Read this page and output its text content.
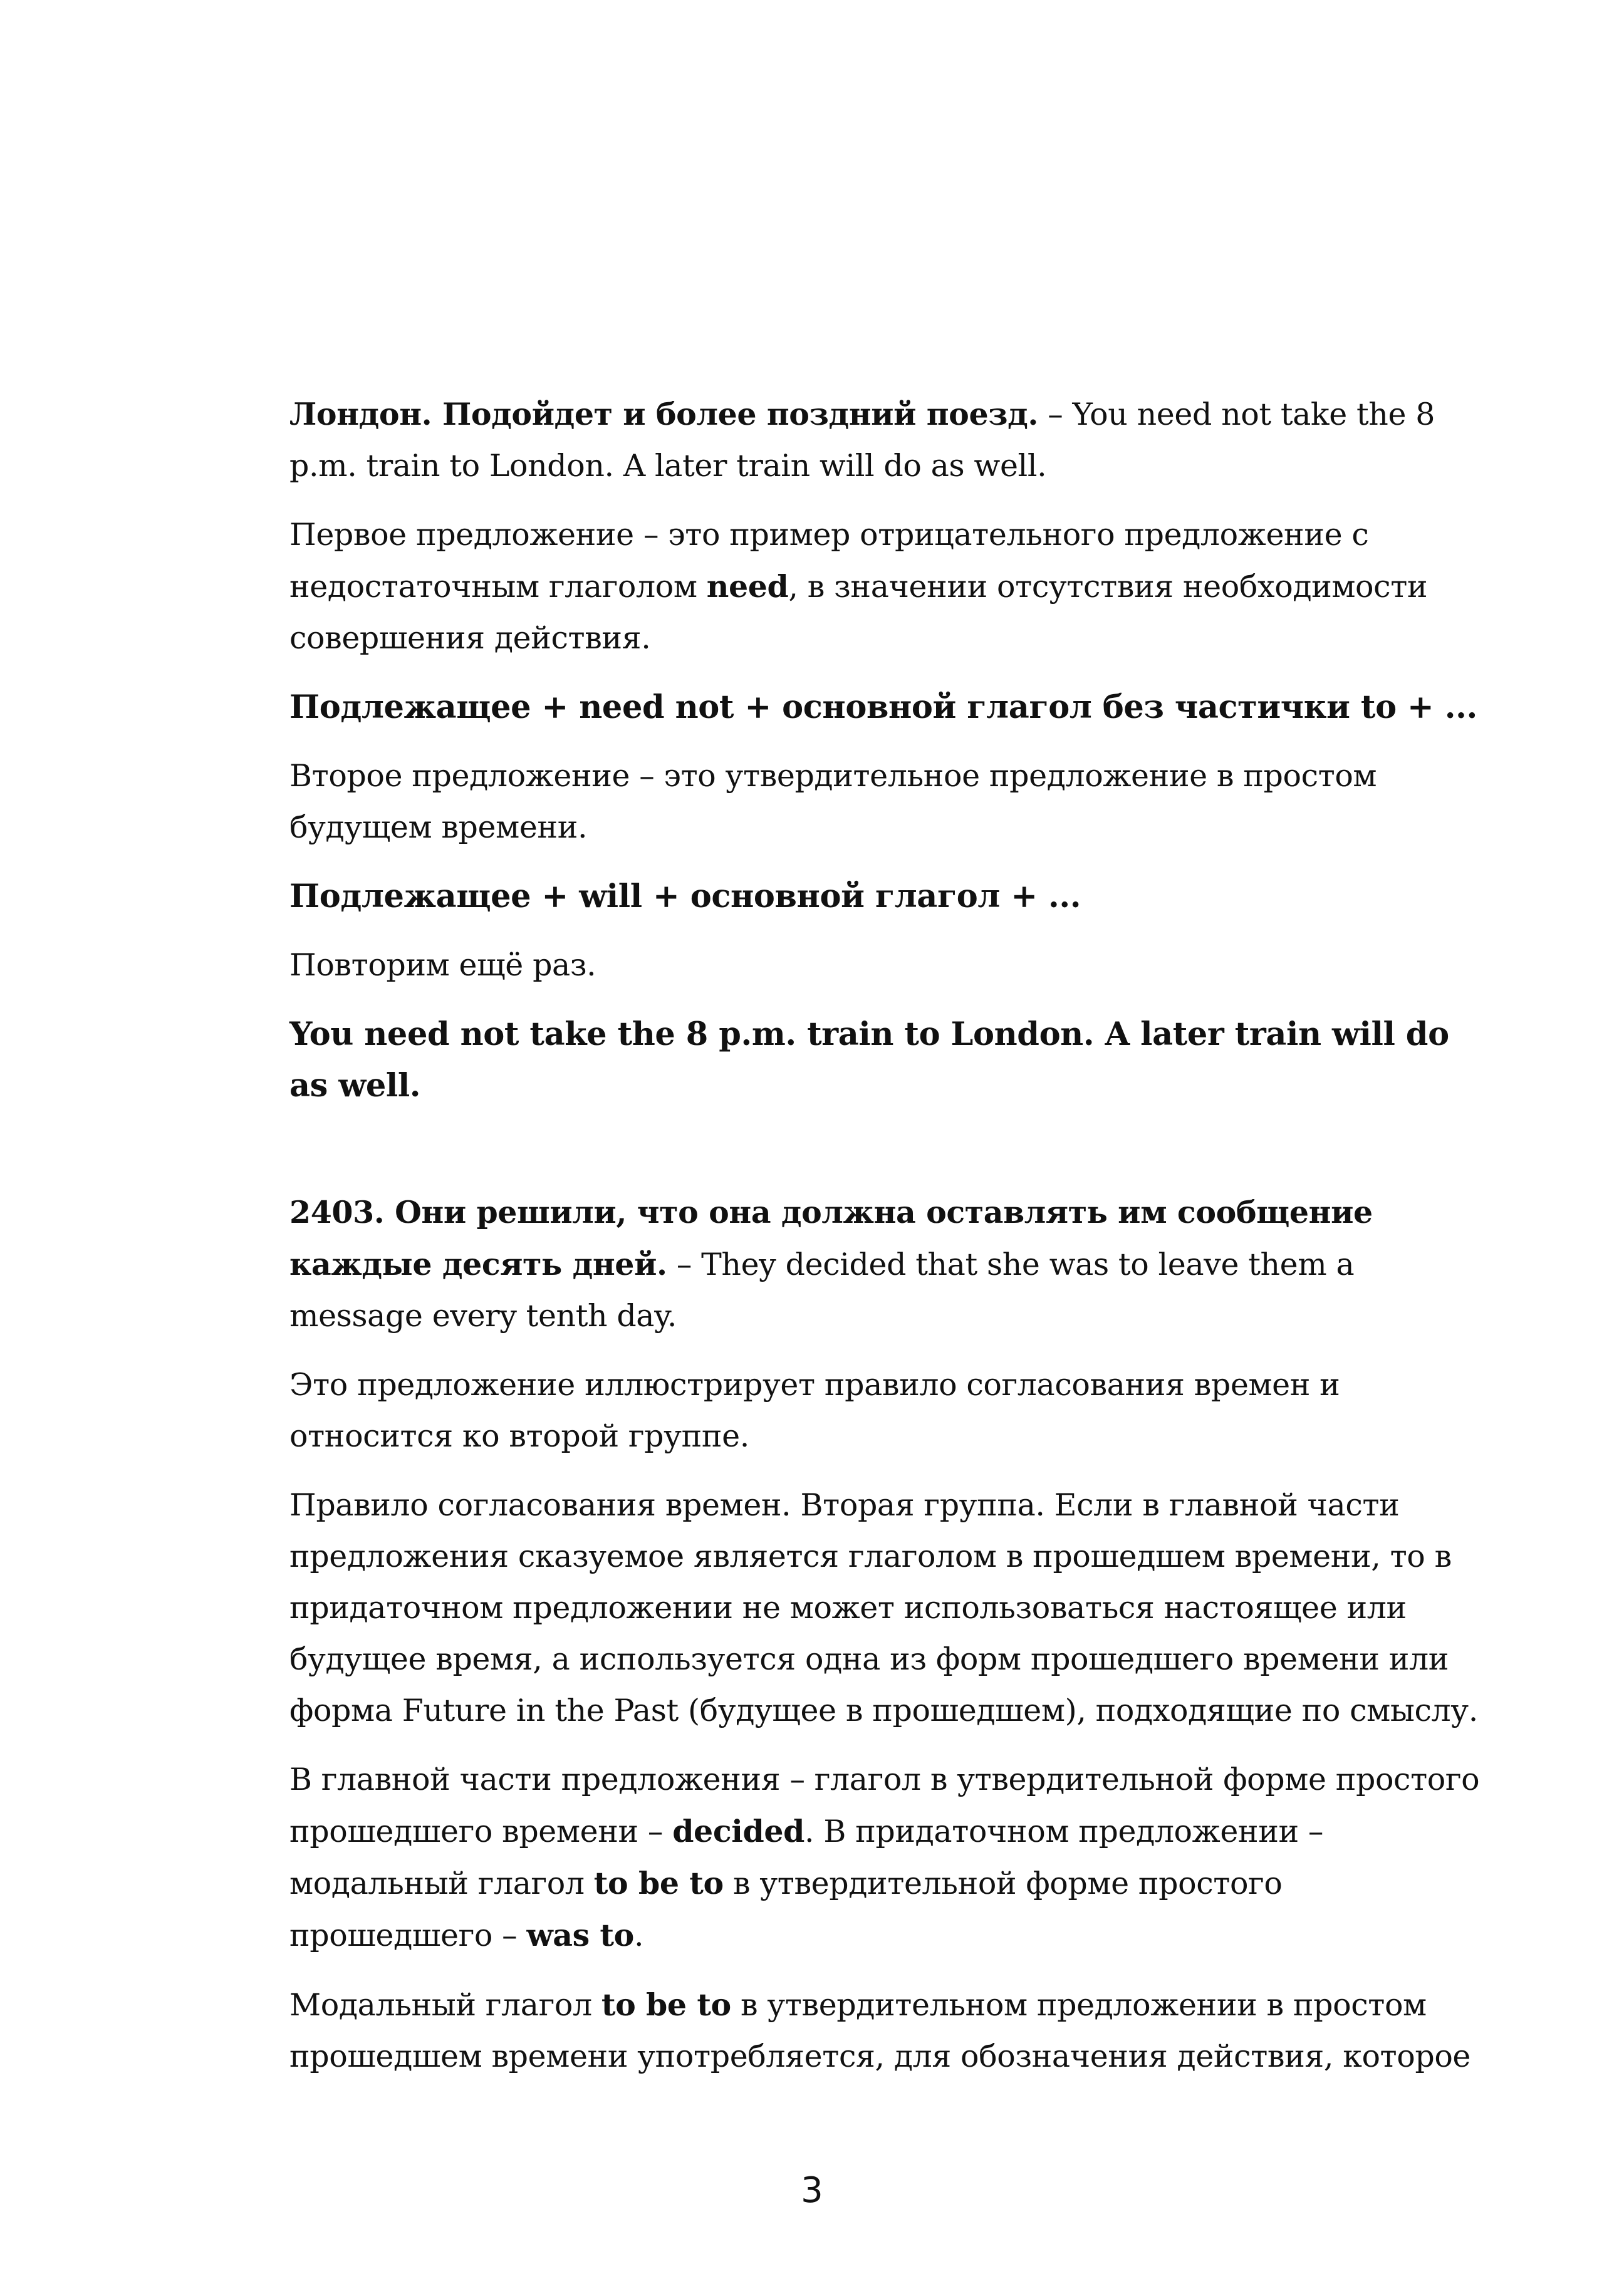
Лондон. Подойдет и более поздний поезд. – You need not take the 8 p.m. train to London. A later train will do as well.

Первое предложение – это пример отрицательного предложение с недостаточным глаголом need, в значении отсутствия необходимости совершения действия.

Подлежащее + need not + основной глагол без частички to + ...

Второе предложение – это утвердительное предложение в простом будущем времени.

Подлежащее + will + основной глагол + ...

Повторим ещё раз.

You need not take the 8 p.m. train to London. A later train will do as well.

2403. Они решили, что она должна оставлять им сообщение каждые десять дней. – They decided that she was to leave them a message every tenth day.

Это предложение иллюстрирует правило согласования времен и относится ко второй группе.

Правило согласования времен. Вторая группа. Если в главной части предложения сказуемое является глаголом в прошедшем времени, то в придаточном предложении не может использоваться настоящее или будущее время, а используется одна из форм прошедшего времени или форма Future in the Past (будущее в прошедшем), подходящие по смыслу.

В главной части предложения – глагол в утвердительной форме простого прошедшего времени – decided. В придаточном предложении – модальный глагол to be to в утвердительной форме простого прошедшего – was to.

Модальный глагол to be to в утвердительном предложении в простом прошедшем времени употребляется, для обозначения действия, которое

3
